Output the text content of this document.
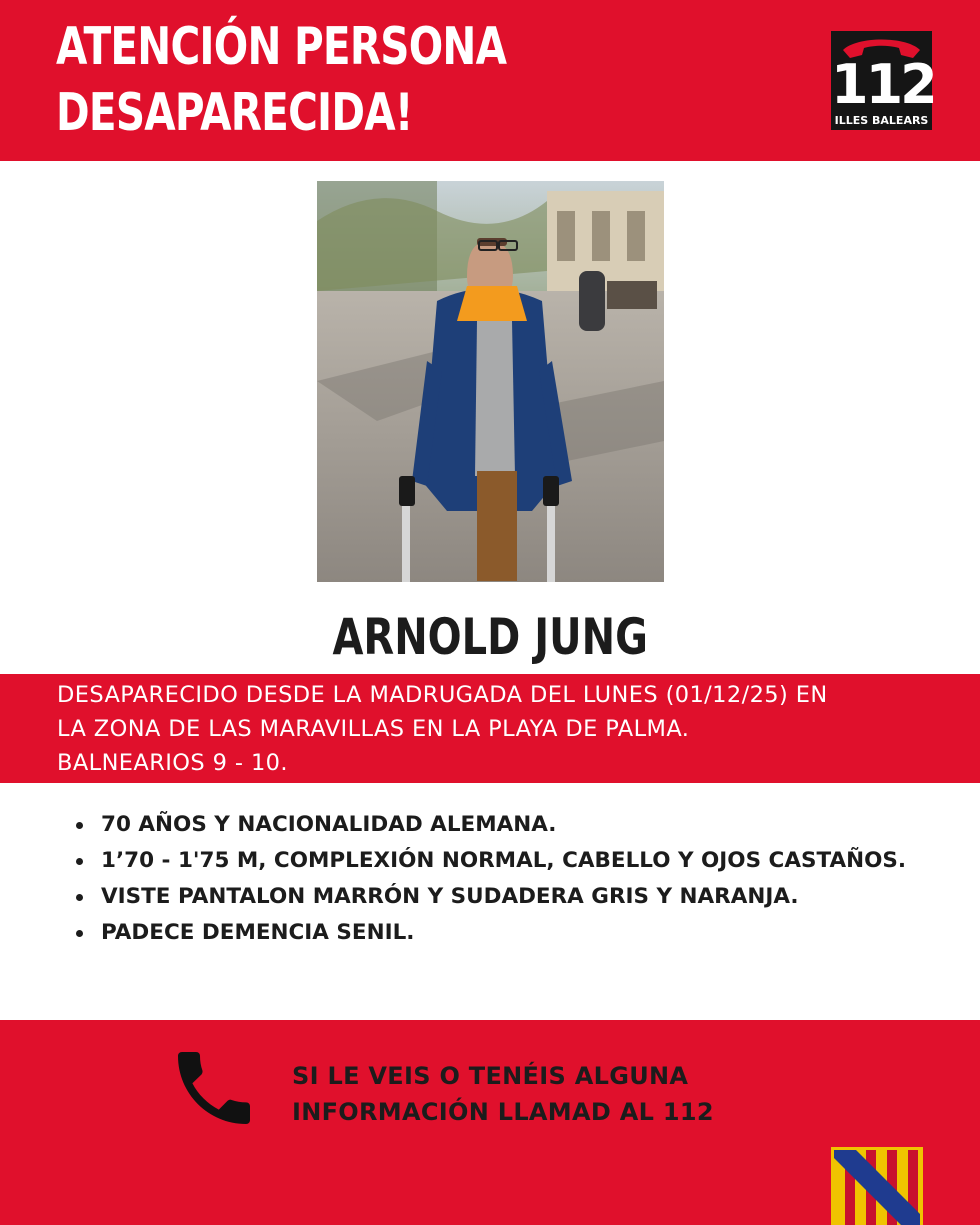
ATENCIÓN PERSONA
DESAPARECIDA!	112
ILLES BALEARS
ARNOLD JUNG
DESAPARECIDO DESDE LA MADRUGADA DEL LUNES (01/12/25) EN
LA ZONA DE LAS MARAVILLAS EN LA PLAYA DE PALMA.
BALNEARIOS 9 - 10.
70 AÑOS Y NACIONALIDAD ALEMANA.
1’70 - 1'75 M, COMPLEXIÓN NORMAL, CABELLO Y OJOS CASTAÑOS.
VISTE PANTALON MARRÓN Y SUDADERA GRIS Y NARANJA.
PADECE DEMENCIA SENIL.
SI LE VEIS O TENÉIS ALGUNA
INFORMACIÓN LLAMAD AL 112
